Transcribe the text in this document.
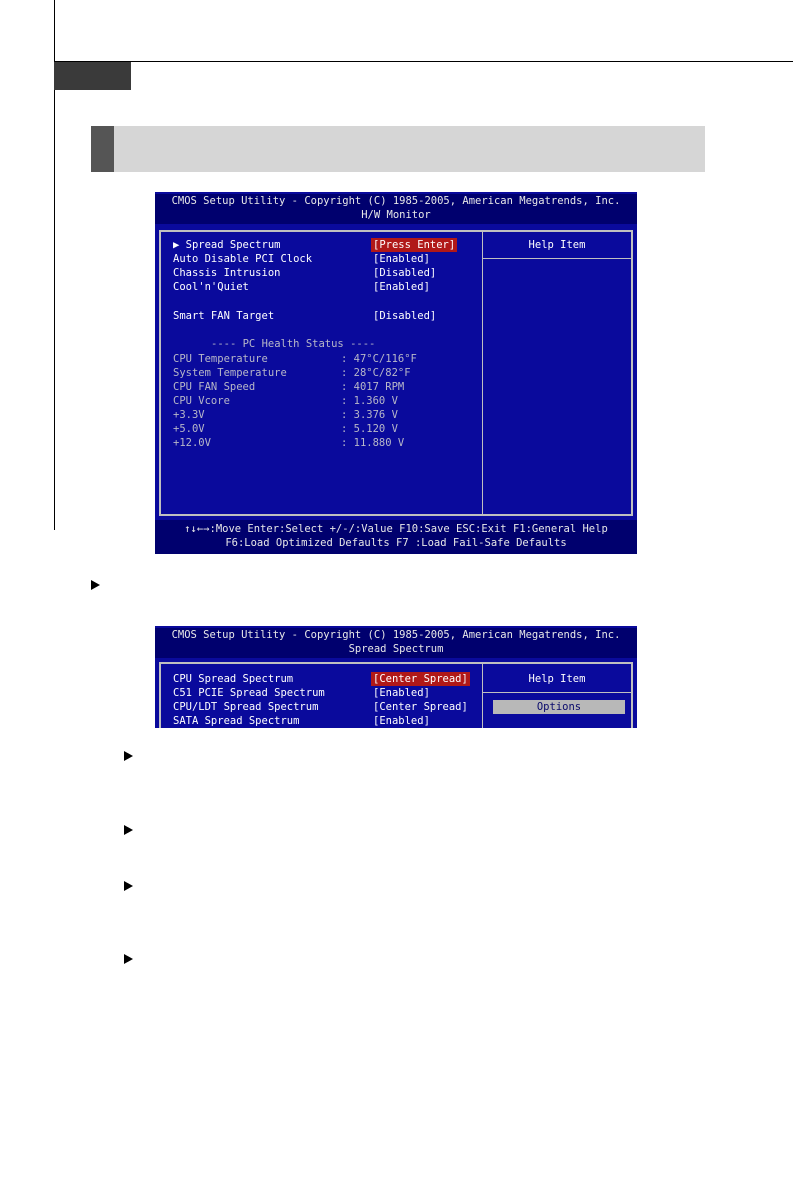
CMOS Setup Utility - Copyright (C) 1985-2005, American Megatrends, Inc.
H/W Monitor
Help Item
▶ Spread Spectrum	[Press Enter]
Auto Disable PCI Clock	[Enabled]
Chassis Intrusion	[Disabled]
Cool'n'Quiet	[Enabled]
Smart FAN Target	[Disabled]
---- PC Health Status ----
CPU Temperature	: 47°C/116°F
System Temperature	: 28°C/82°F
CPU FAN Speed	: 4017 RPM
CPU Vcore	: 1.360 V
+3.3V	: 3.376 V
+5.0V	: 5.120 V
+12.0V	: 11.880 V
↑↓←→:Move Enter:Select +/-/:Value F10:Save ESC:Exit F1:General Help
F6:Load Optimized Defaults F7 :Load Fail-Safe Defaults
CMOS Setup Utility - Copyright (C) 1985-2005, American Megatrends, Inc.
Spread Spectrum
Help Item
Options
CPU Spread Spectrum	[Center Spread]
C51 PCIE Spread Spectrum	[Enabled]
CPU/LDT Spread Spectrum	[Center Spread]
SATA Spread Spectrum	[Enabled]
